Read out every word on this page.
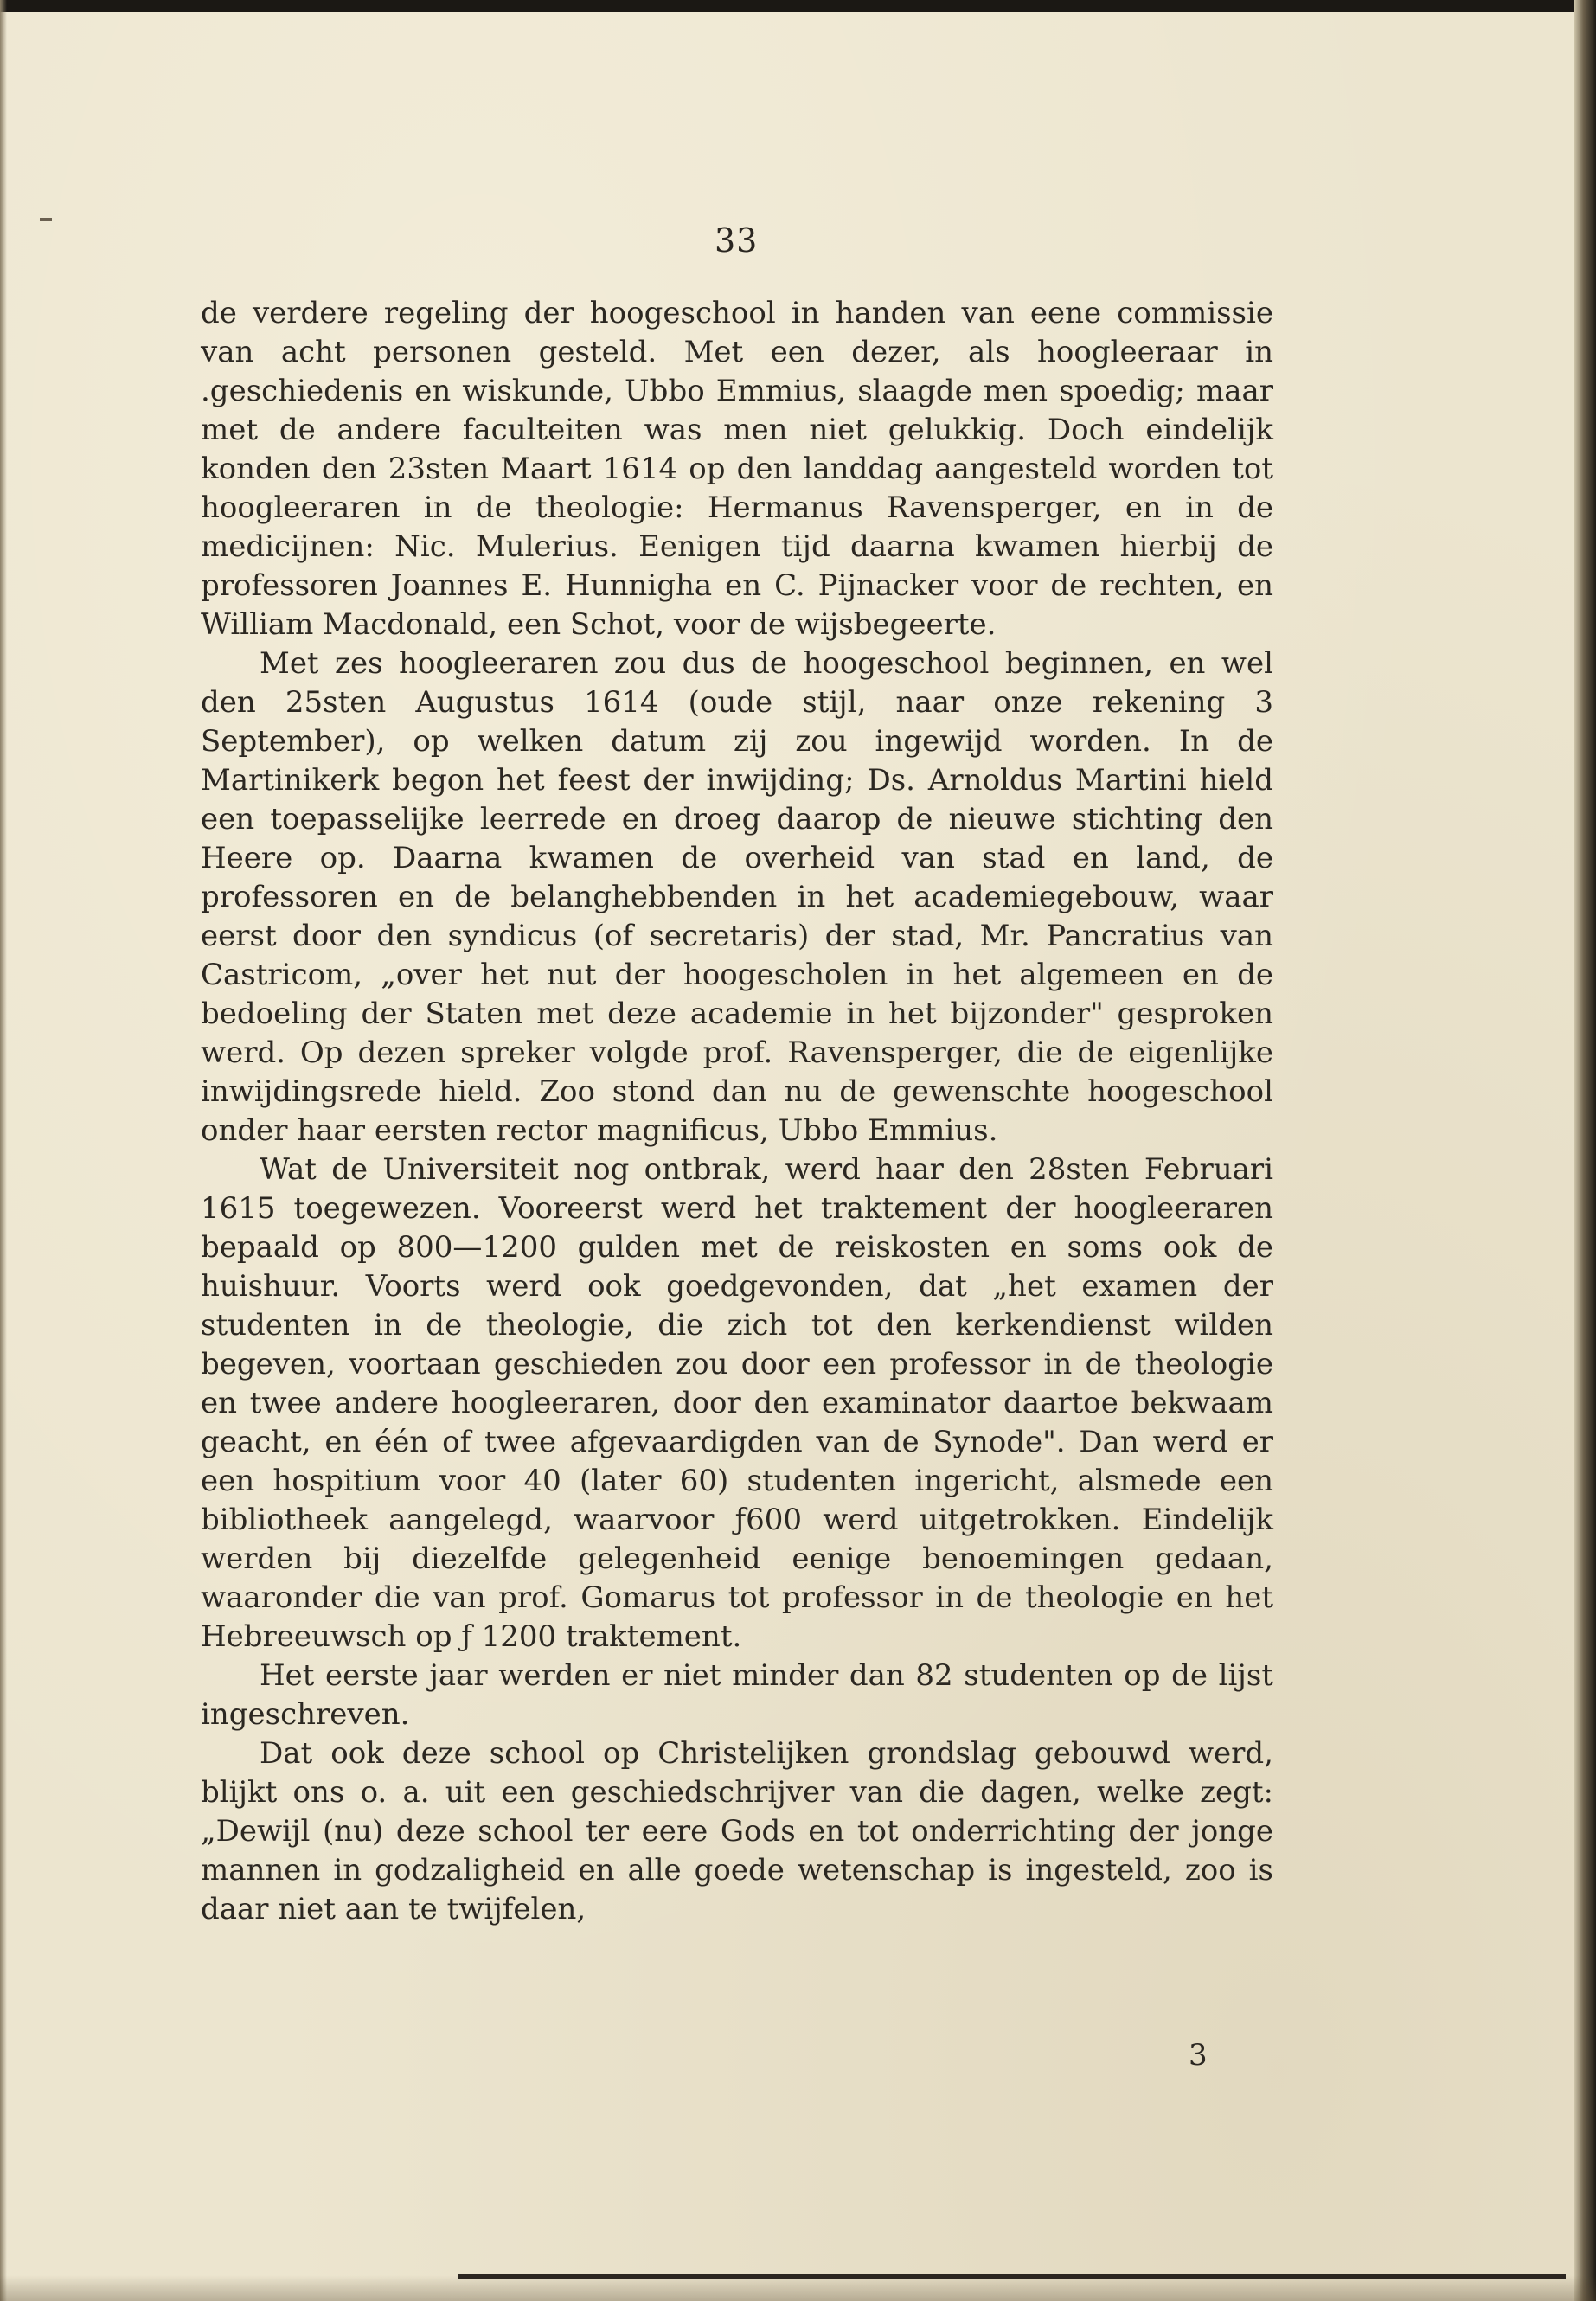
33

de verdere regeling der hoogeschool in handen van eene commissie van acht personen gesteld. Met een dezer, als hoogleeraar in .geschiedenis en wiskunde, Ubbo Emmius, slaagde men spoedig; maar met de andere faculteiten was men niet gelukkig. Doch eindelijk konden den 23sten Maart 1614 op den landdag aangesteld worden tot hoogleeraren in de theologie: Hermanus Ravensperger, en in de medicijnen: Nic. Mulerius. Eenigen tijd daarna kwamen hierbij de professoren Joannes E. Hunnigha en C. Pijnacker voor de rechten, en William Macdonald, een Schot, voor de wijsbegeerte.

Met zes hoogleeraren zou dus de hoogeschool beginnen, en wel den 25sten Augustus 1614 (oude stijl, naar onze rekening 3 September), op welken datum zij zou ingewijd worden. In de Martinikerk begon het feest der inwijding; Ds. Arnoldus Martini hield een toepasselijke leerrede en droeg daarop de nieuwe stichting den Heere op. Daarna kwamen de overheid van stad en land, de professoren en de belanghebbenden in het academiegebouw, waar eerst door den syndicus (of secretaris) der stad, Mr. Pancratius van Castricom, „over het nut der hoogescholen in het algemeen en de bedoeling der Staten met deze academie in het bijzonder" gesproken werd. Op dezen spreker volgde prof. Ravensperger, die de eigenlijke inwijdingsrede hield. Zoo stond dan nu de gewenschte hoogeschool onder haar eersten rector magnificus, Ubbo Emmius.

Wat de Universiteit nog ontbrak, werd haar den 28sten Februari 1615 toegewezen. Vooreerst werd het traktement der hoogleeraren bepaald op 800—1200 gulden met de reiskosten en soms ook de huishuur. Voorts werd ook goedgevonden, dat „het examen der studenten in de theologie, die zich tot den kerkendienst wilden begeven, voortaan geschieden zou door een professor in de theologie en twee andere hoogleeraren, door den examinator daartoe bekwaam geacht, en één of twee afgevaardigden van de Synode". Dan werd er een hospitium voor 40 (later 60) studenten ingericht, alsmede een bibliotheek aangelegd, waarvoor ƒ600 werd uitgetrokken. Eindelijk werden bij diezelfde gelegenheid eenige benoemingen gedaan, waaronder die van prof. Gomarus tot professor in de theologie en het Hebreeuwsch op ƒ 1200 traktement.

Het eerste jaar werden er niet minder dan 82 studenten op de lijst ingeschreven.

Dat ook deze school op Christelijken grondslag gebouwd werd, blijkt ons o. a. uit een geschiedschrijver van die dagen, welke zegt: „Dewijl (nu) deze school ter eere Gods en tot onderrichting der jonge mannen in godzaligheid en alle goede wetenschap is ingesteld, zoo is daar niet aan te twijfelen,

3
